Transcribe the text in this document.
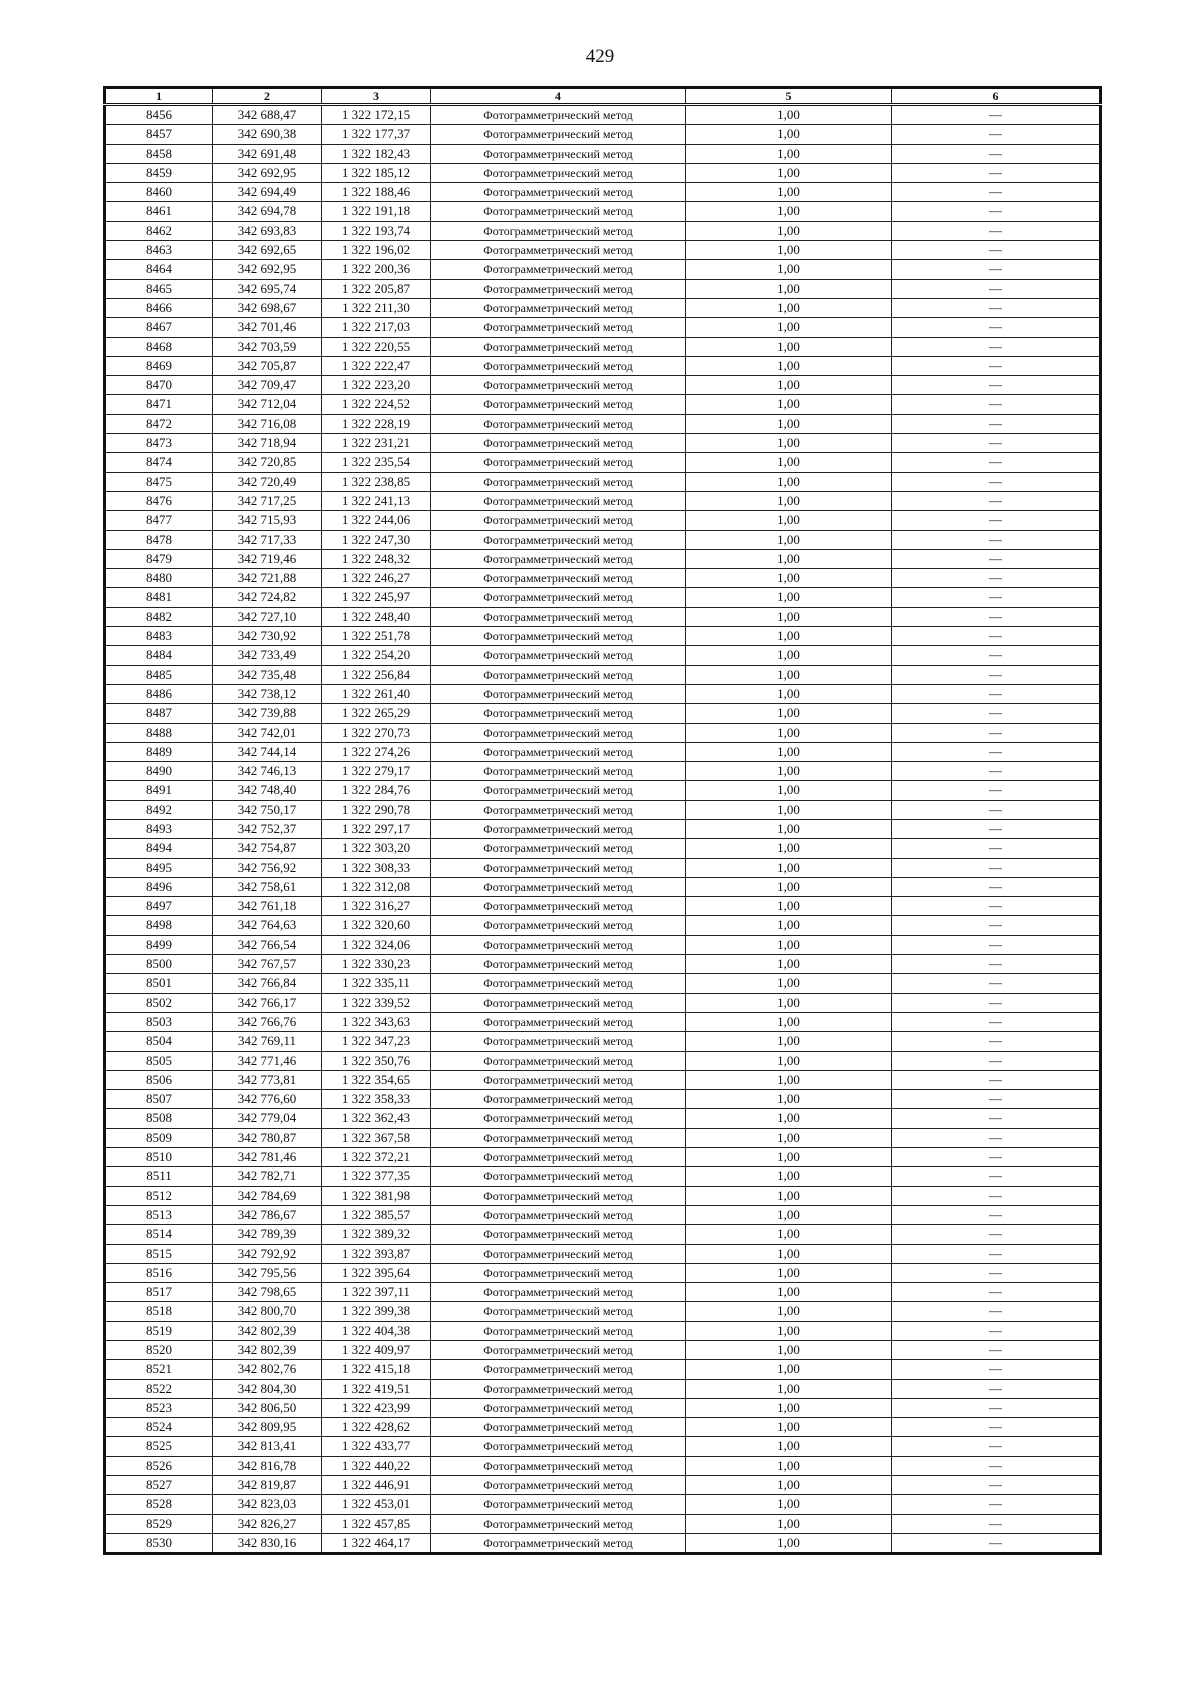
429
1	2	3	4	5	6
8456	342 688,47	1 322 172,15	Фотограмметрический метод	1,00	—
8457	342 690,38	1 322 177,37	Фотограмметрический метод	1,00	—
8458	342 691,48	1 322 182,43	Фотограмметрический метод	1,00	—
8459	342 692,95	1 322 185,12	Фотограмметрический метод	1,00	—
8460	342 694,49	1 322 188,46	Фотограмметрический метод	1,00	—
8461	342 694,78	1 322 191,18	Фотограмметрический метод	1,00	—
8462	342 693,83	1 322 193,74	Фотограмметрический метод	1,00	—
8463	342 692,65	1 322 196,02	Фотограмметрический метод	1,00	—
8464	342 692,95	1 322 200,36	Фотограмметрический метод	1,00	—
8465	342 695,74	1 322 205,87	Фотограмметрический метод	1,00	—
8466	342 698,67	1 322 211,30	Фотограмметрический метод	1,00	—
8467	342 701,46	1 322 217,03	Фотограмметрический метод	1,00	—
8468	342 703,59	1 322 220,55	Фотограмметрический метод	1,00	—
8469	342 705,87	1 322 222,47	Фотограмметрический метод	1,00	—
8470	342 709,47	1 322 223,20	Фотограмметрический метод	1,00	—
8471	342 712,04	1 322 224,52	Фотограмметрический метод	1,00	—
8472	342 716,08	1 322 228,19	Фотограмметрический метод	1,00	—
8473	342 718,94	1 322 231,21	Фотограмметрический метод	1,00	—
8474	342 720,85	1 322 235,54	Фотограмметрический метод	1,00	—
8475	342 720,49	1 322 238,85	Фотограмметрический метод	1,00	—
8476	342 717,25	1 322 241,13	Фотограмметрический метод	1,00	—
8477	342 715,93	1 322 244,06	Фотограмметрический метод	1,00	—
8478	342 717,33	1 322 247,30	Фотограмметрический метод	1,00	—
8479	342 719,46	1 322 248,32	Фотограмметрический метод	1,00	—
8480	342 721,88	1 322 246,27	Фотограмметрический метод	1,00	—
8481	342 724,82	1 322 245,97	Фотограмметрический метод	1,00	—
8482	342 727,10	1 322 248,40	Фотограмметрический метод	1,00	—
8483	342 730,92	1 322 251,78	Фотограмметрический метод	1,00	—
8484	342 733,49	1 322 254,20	Фотограмметрический метод	1,00	—
8485	342 735,48	1 322 256,84	Фотограмметрический метод	1,00	—
8486	342 738,12	1 322 261,40	Фотограмметрический метод	1,00	—
8487	342 739,88	1 322 265,29	Фотограмметрический метод	1,00	—
8488	342 742,01	1 322 270,73	Фотограмметрический метод	1,00	—
8489	342 744,14	1 322 274,26	Фотограмметрический метод	1,00	—
8490	342 746,13	1 322 279,17	Фотограмметрический метод	1,00	—
8491	342 748,40	1 322 284,76	Фотограмметрический метод	1,00	—
8492	342 750,17	1 322 290,78	Фотограмметрический метод	1,00	—
8493	342 752,37	1 322 297,17	Фотограмметрический метод	1,00	—
8494	342 754,87	1 322 303,20	Фотограмметрический метод	1,00	—
8495	342 756,92	1 322 308,33	Фотограмметрический метод	1,00	—
8496	342 758,61	1 322 312,08	Фотограмметрический метод	1,00	—
8497	342 761,18	1 322 316,27	Фотограмметрический метод	1,00	—
8498	342 764,63	1 322 320,60	Фотограмметрический метод	1,00	—
8499	342 766,54	1 322 324,06	Фотограмметрический метод	1,00	—
8500	342 767,57	1 322 330,23	Фотограмметрический метод	1,00	—
8501	342 766,84	1 322 335,11	Фотограмметрический метод	1,00	—
8502	342 766,17	1 322 339,52	Фотограмметрический метод	1,00	—
8503	342 766,76	1 322 343,63	Фотограмметрический метод	1,00	—
8504	342 769,11	1 322 347,23	Фотограмметрический метод	1,00	—
8505	342 771,46	1 322 350,76	Фотограмметрический метод	1,00	—
8506	342 773,81	1 322 354,65	Фотограмметрический метод	1,00	—
8507	342 776,60	1 322 358,33	Фотограмметрический метод	1,00	—
8508	342 779,04	1 322 362,43	Фотограмметрический метод	1,00	—
8509	342 780,87	1 322 367,58	Фотограмметрический метод	1,00	—
8510	342 781,46	1 322 372,21	Фотограмметрический метод	1,00	—
8511	342 782,71	1 322 377,35	Фотограмметрический метод	1,00	—
8512	342 784,69	1 322 381,98	Фотограмметрический метод	1,00	—
8513	342 786,67	1 322 385,57	Фотограмметрический метод	1,00	—
8514	342 789,39	1 322 389,32	Фотограмметрический метод	1,00	—
8515	342 792,92	1 322 393,87	Фотограмметрический метод	1,00	—
8516	342 795,56	1 322 395,64	Фотограмметрический метод	1,00	—
8517	342 798,65	1 322 397,11	Фотограмметрический метод	1,00	—
8518	342 800,70	1 322 399,38	Фотограмметрический метод	1,00	—
8519	342 802,39	1 322 404,38	Фотограмметрический метод	1,00	—
8520	342 802,39	1 322 409,97	Фотограмметрический метод	1,00	—
8521	342 802,76	1 322 415,18	Фотограмметрический метод	1,00	—
8522	342 804,30	1 322 419,51	Фотограмметрический метод	1,00	—
8523	342 806,50	1 322 423,99	Фотограмметрический метод	1,00	—
8524	342 809,95	1 322 428,62	Фотограмметрический метод	1,00	—
8525	342 813,41	1 322 433,77	Фотограмметрический метод	1,00	—
8526	342 816,78	1 322 440,22	Фотограмметрический метод	1,00	—
8527	342 819,87	1 322 446,91	Фотограмметрический метод	1,00	—
8528	342 823,03	1 322 453,01	Фотограмметрический метод	1,00	—
8529	342 826,27	1 322 457,85	Фотограмметрический метод	1,00	—
8530	342 830,16	1 322 464,17	Фотограмметрический метод	1,00	—
